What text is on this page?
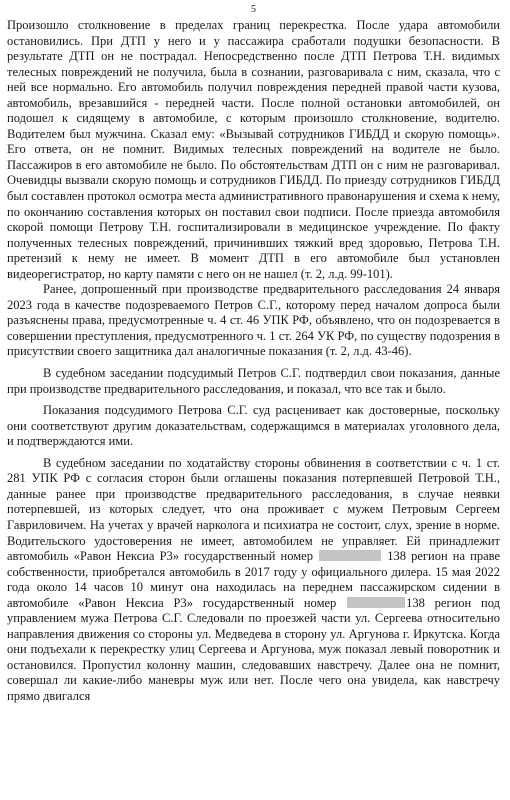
5

Произошло столкновение в пределах границ перекрестка. После удара автомобили остановились. При ДТП у него и у пассажира сработали подушки безопасности. В результате ДТП он не пострадал. Непосредственно после ДТП Петрова Т.Н. видимых телесных повреждений не получила, была в сознании, разговаривала с ним, сказала, что с ней все нормально. Его автомобиль получил повреждения передней правой части кузова, автомобиль, врезавшийся - передней части. После полной остановки автомобилей, он подошел к сидящему в автомобиле, с которым произошло столкновение, водителю. Водителем был мужчина. Сказал ему: «Вызывай сотрудников ГИБДД и скорую помощь». Его ответа, он не помнит. Видимых телесных повреждений на водителе не было. Пассажиров в его автомобиле не было. По обстоятельствам ДТП он с ним не разговаривал. Очевидцы вызвали скорую помощь и сотрудников ГИБДД. По приезду сотрудников ГИБДД был составлен протокол осмотра места административного правонарушения и схема к нему, по окончанию составления которых он поставил свои подписи. После приезда автомобиля скорой помощи Петрову Т.Н. госпитализировали в медицинское учреждение. По факту полученных телесных повреждений, причинивших тяжкий вред здоровью, Петрова Т.Н. претензий к нему не имеет. В момент ДТП в его автомобиле был установлен видеорегистратор, но карту памяти с него он не нашел (т. 2, л.д. 99-101).

Ранее, допрошенный при производстве предварительного расследования 24 января 2023 года в качестве подозреваемого Петров С.Г., которому перед началом допроса были разъяснены права, предусмотренные ч. 4 ст. 46 УПК РФ, объявлено, что он подозревается в совершении преступления, предусмотренного ч. 1 ст. 264 УК РФ, по существу подозрения в присутствии своего защитника дал аналогичные показания (т. 2, л.д. 43-46).

В судебном заседании подсудимый Петров С.Г. подтвердил свои показания, данные при производстве предварительного расследования, и показал, что все так и было.

Показания подсудимого Петрова С.Г. суд расценивает как достоверные, поскольку они соответствуют другим доказательствам, содержащимся в материалах уголовного дела, и подтверждаются ими.

В судебном заседании по ходатайству стороны обвинения в соответствии с ч. 1 ст. 281 УПК РФ с согласия сторон были оглашены показания потерпевшей Петровой Т.Н., данные ранее при производстве предварительного расследования, в случае неявки потерпевшей, из которых следует, что она проживает с мужем Петровым Сергеем Гавриловичем. На учетах у врачей нарколога и психиатра не состоит, слух, зрение в норме. Водительского удостоверения не имеет, автомобилем не управляет. Ей принадлежит автомобиль «Равон Нексиа Р3» государственный номер	138 регион на праве собственности, приобретался автомобиль в 2017 году у официального дилера. 15 мая 2022 года около 14 часов 10 минут она находилась на переднем пассажирском сидении в автомобиле «Равон Нексиа Р3» государственный номер	138 регион под управлением мужа Петрова С.Г. Следовали по проезжей части ул. Сергеева относительно направления движения со стороны ул. Медведева в сторону ул. Аргунова г. Иркутска. Когда они подъехали к перекрестку улиц Сергеева и Аргунова, муж показал левый поворотник и остановился. Пропустил колонну машин, следовавших навстречу. Далее она не помнит, совершал ли какие-либо маневры муж или нет. После чего она увидела, как навстречу прямо двигался
